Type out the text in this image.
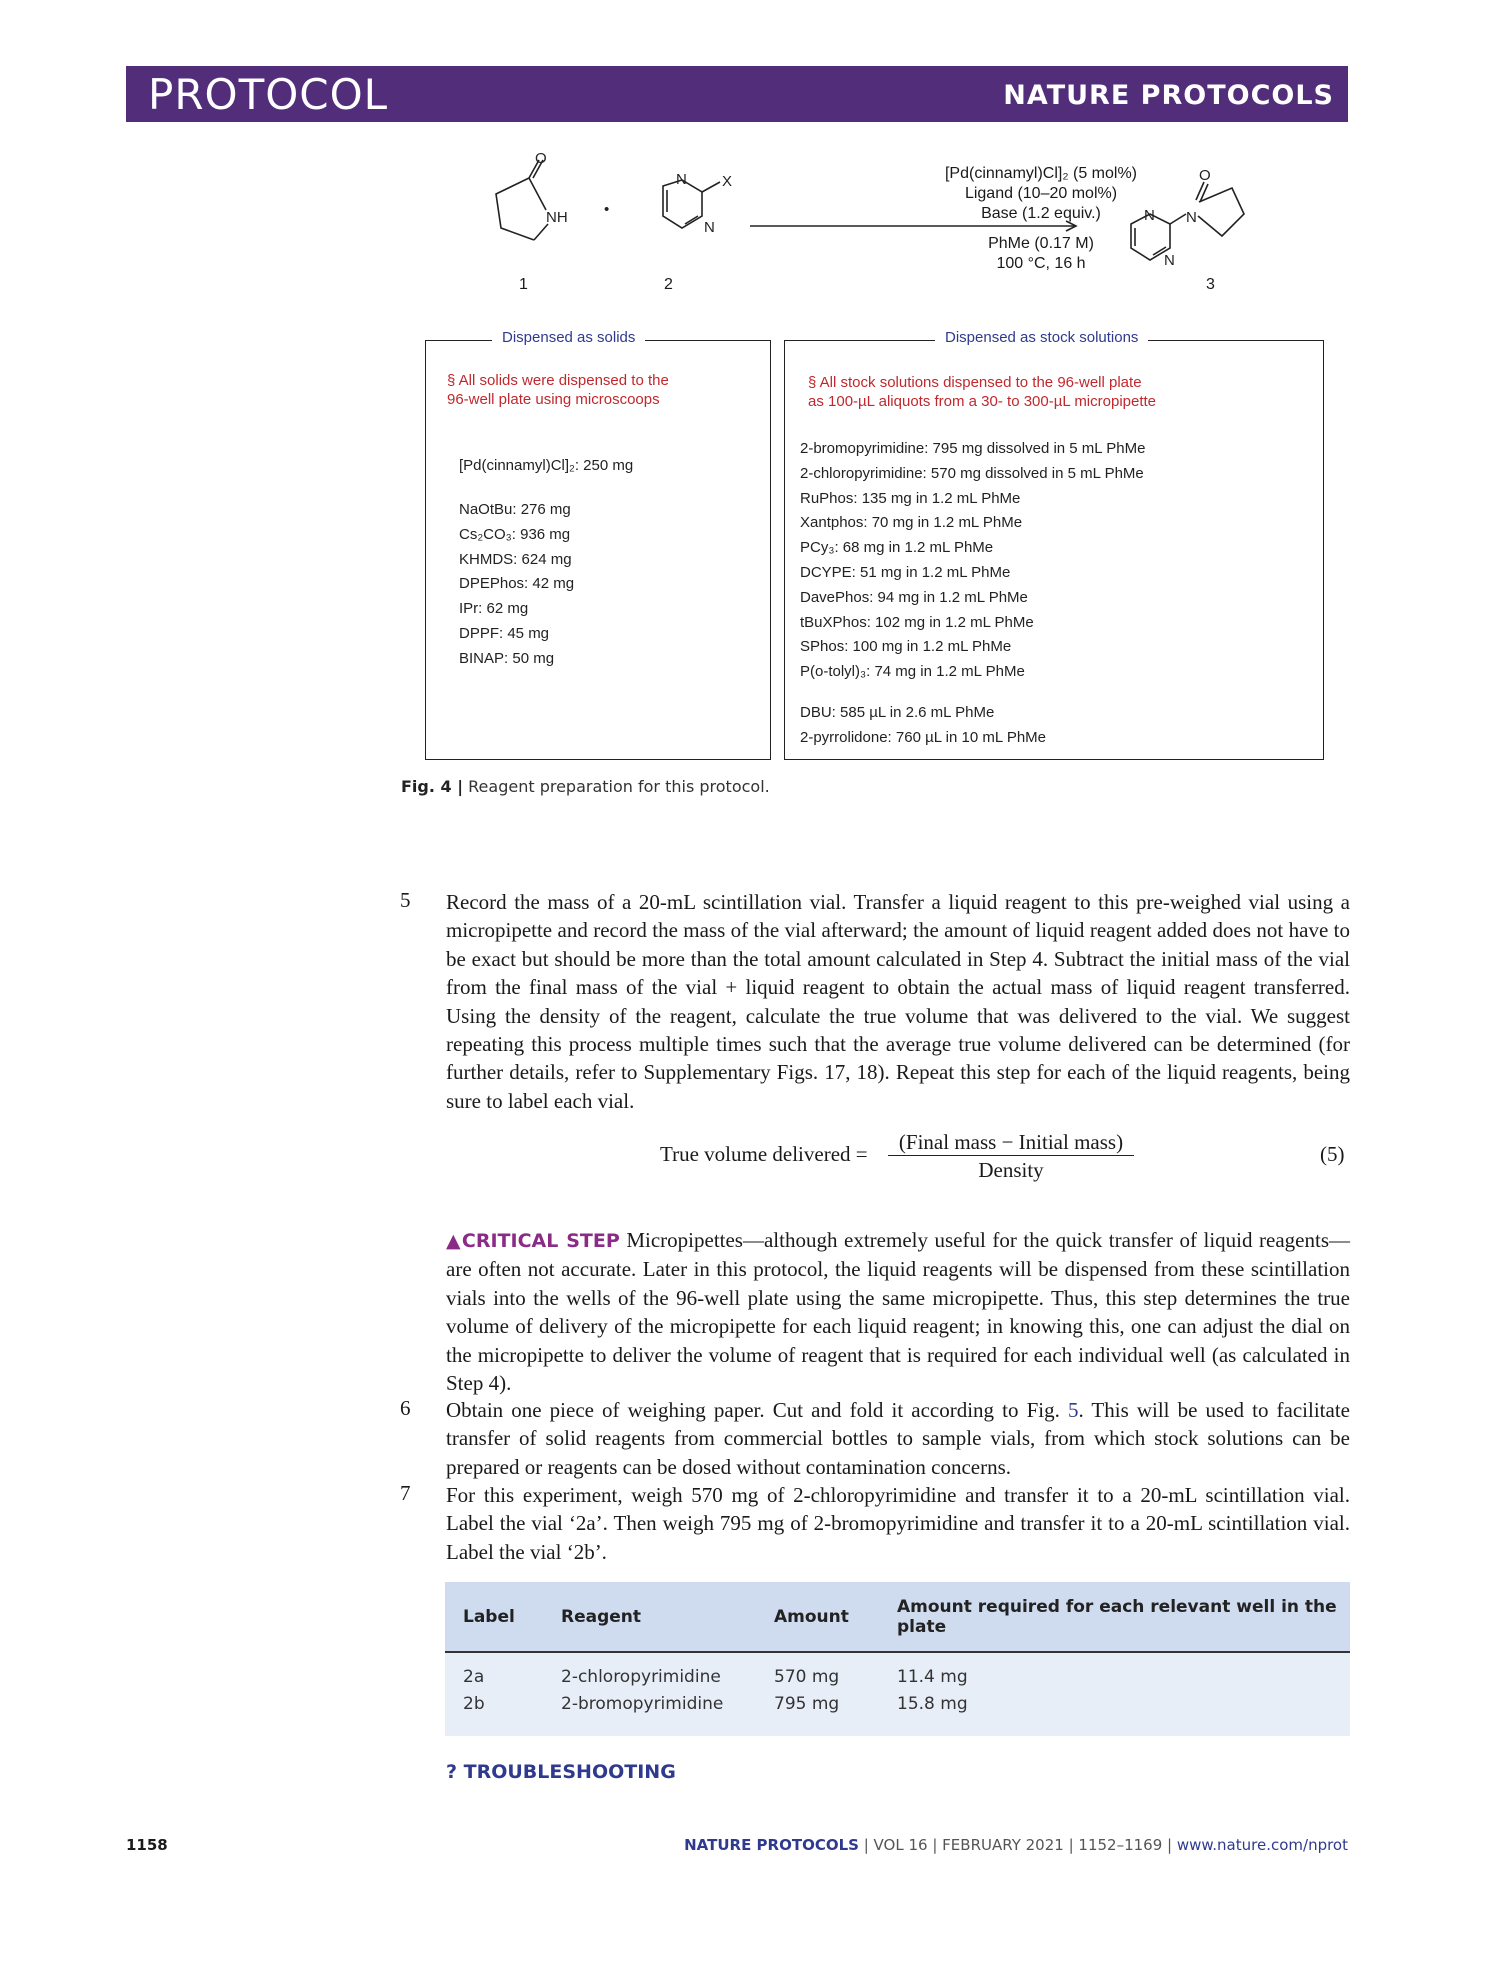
PROTOCOL	NATURE PROTOCOLS
O
NH •
N
N
X
N
N
N
O
[Pd(cinnamyl)Cl]₂ (5 mol%)
Ligand (10–20 mol%)
Base (1.2 equiv.)
PhMe (0.17 M)
100 °C, 16 h
1	2	3
Dispensed as solids
§ All solids were dispensed to the
96-well plate using microscoops
[Pd(cinnamyl)Cl]₂: 250 mg
NaOtBu: 276 mg
Cs₂CO₃: 936 mg
KHMDS: 624 mg
DPEPhos: 42 mg
IPr: 62 mg
DPPF: 45 mg
BINAP: 50 mg
Dispensed as stock solutions
§ All stock solutions dispensed to the 96-well plate
as 100-µL aliquots from a 30- to 300-µL micropipette
2-bromopyrimidine: 795 mg dissolved in 5 mL PhMe
2-chloropyrimidine: 570 mg dissolved in 5 mL PhMe
RuPhos: 135 mg in 1.2 mL PhMe
Xantphos: 70 mg in 1.2 mL PhMe
PCy₃: 68 mg in 1.2 mL PhMe
DCYPE: 51 mg in 1.2 mL PhMe
DavePhos: 94 mg in 1.2 mL PhMe
tBuXPhos: 102 mg in 1.2 mL PhMe
SPhos: 100 mg in 1.2 mL PhMe
P(o-tolyl)₃: 74 mg in 1.2 mL PhMe
DBU: 585 µL in 2.6 mL PhMe
2-pyrrolidone: 760 µL in 10 mL PhMe
Fig. 4 | Reagent preparation for this protocol.
5 Record the mass of a 20-mL scintillation vial. Transfer a liquid reagent to this pre-weighed vial using a micropipette and record the mass of the vial afterward; the amount of liquid reagent added does not have to be exact but should be more than the total amount calculated in Step 4. Subtract the initial mass of the vial from the final mass of the vial + liquid reagent to obtain the actual mass of liquid reagent transferred. Using the density of the reagent, calculate the true volume that was delivered to the vial. We suggest repeating this process multiple times such that the average true volume delivered can be determined (for further details, refer to Supplementary Figs. 17, 18). Repeat this step for each of the liquid reagents, being sure to label each vial.
True volume delivered =	(Final mass − Initial mass)
Density
(5)
▲CRITICAL STEP Micropipettes—although extremely useful for the quick transfer of liquid reagents—are often not accurate. Later in this protocol, the liquid reagents will be dispensed from these scintillation vials into the wells of the 96-well plate using the same micropipette. Thus, this step determines the true volume of delivery of the micropipette for each liquid reagent; in knowing this, one can adjust the dial on the micropipette to deliver the volume of reagent that is required for each individual well (as calculated in Step 4).
6 Obtain one piece of weighing paper. Cut and fold it according to Fig. 5. This will be used to facilitate transfer of solid reagents from commercial bottles to sample vials, from which stock solutions can be prepared or reagents can be dosed without contamination concerns.
7 For this experiment, weigh 570 mg of 2-chloropyrimidine and transfer it to a 20-mL scintillation vial. Label the vial ‘2a’. Then weigh 795 mg of 2-bromopyrimidine and transfer it to a 20-mL scintillation vial. Label the vial ‘2b’.
Label	Reagent	Amount	Amount required for each relevant well in the plate
2a	2-chloropyrimidine	570 mg	11.4 mg
2b	2-bromopyrimidine	795 mg	15.8 mg
? TROUBLESHOOTING
1158	NATURE PROTOCOLS | VOL 16 | FEBRUARY 2021 | 1152–1169 | www.nature.com/nprot
